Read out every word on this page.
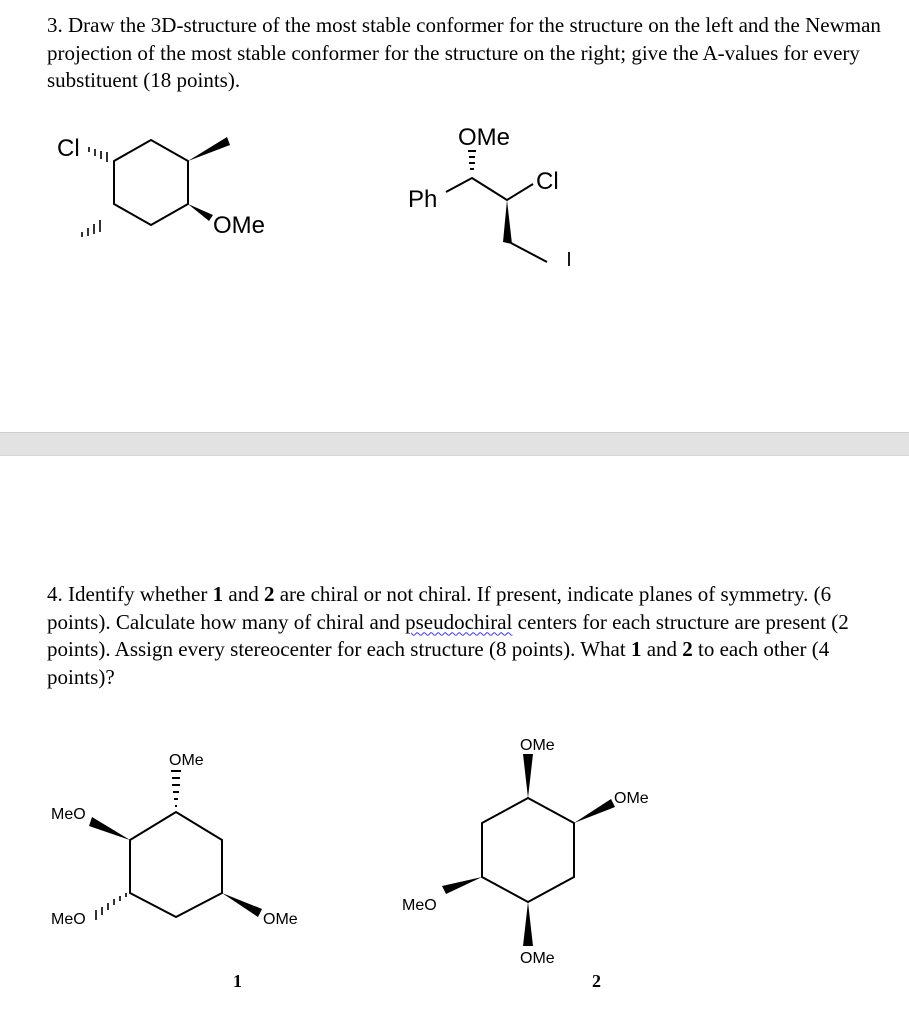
3. Draw the 3D-structure of the most stable conformer for the structure on the left and the Newman projection of the most stable conformer for the structure on the right; give the A-values for every substituent (18 points).

4. Identify whether 1 and 2 are chiral or not chiral. If present, indicate planes of symmetry. (6 points). Calculate how many of chiral and pseudochiral centers for each structure are present (2 points). Assign every stereocenter for each structure (8 points). What 1 and 2 to each other (4 points)?

Cl
OMe
OMe
Ph
Cl
OMe
MeO
MeO	OMe
1
OMe
OMe
MeO
OMe
2
